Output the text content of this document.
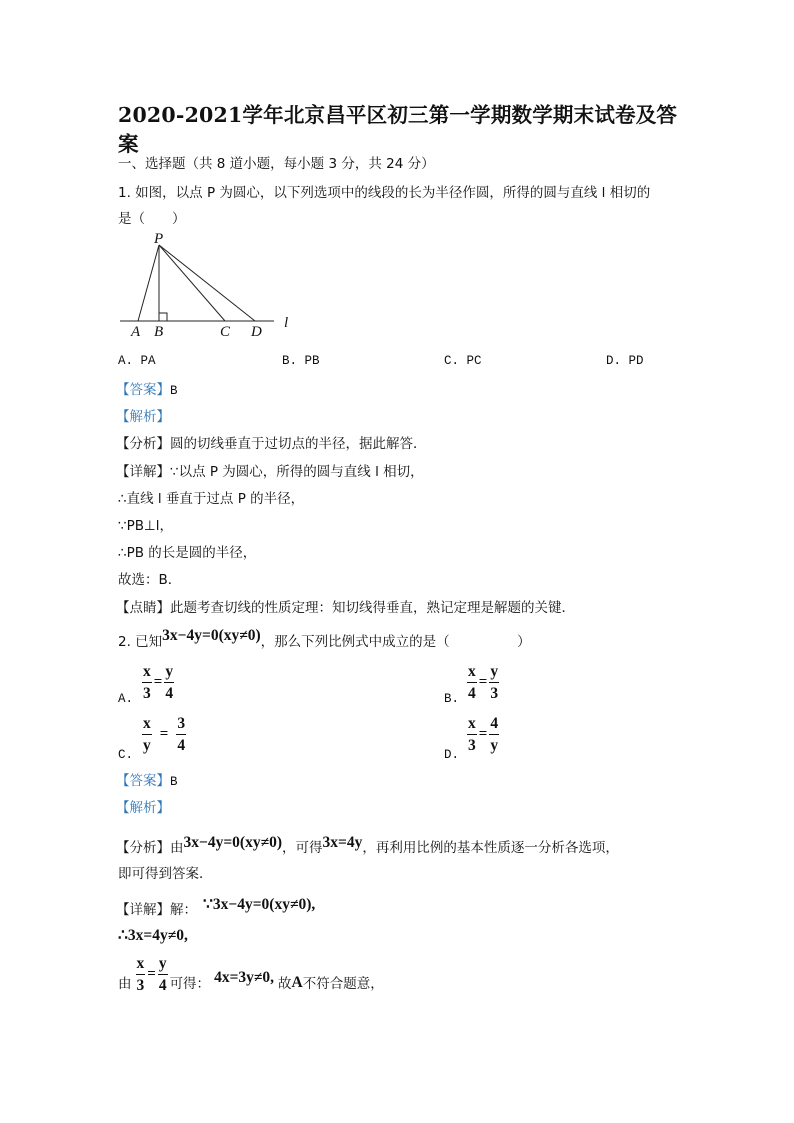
2020-2021学年北京昌平区初三第一学期数学期末试卷及答
案
一、选择题（共 8 道小题，每小题 3 分，共 24 分）
1. 如图，以点 P 为圆心，以下列选项中的线段的长为半径作圆，所得的圆与直线 l 相切的
是（　　）
P
A B	C D
l
A. PA	B. PB	C. PC	D. PD
【答案】B
【解析】
【分析】圆的切线垂直于过切点的半径，据此解答．
【详解】∵以点 P 为圆心，所得的圆与直线 l 相切，
∴直线 l 垂直于过点 P 的半径，
∵PB⊥l，
∴PB 的长是圆的半径，
故选：B．
【点睛】此题考查切线的性质定理：知切线得垂直，熟记定理是解题的关键．
2. 已知3x−4y=0(xy≠0)，那么下列比例式中成立的是（　　　　　）
A. $\frac{x}{3} = \frac{y}{4}$	B. $\frac{x}{4} = \frac{y}{3}$
C.
$\frac{x}{y} = \frac{3}{4}$
D.
$\frac{x}{3} = \frac{4}{y}$
【答案】B
【解析】
【分析】由3x−4y=0(xy≠0)，可得3x=4y，再利用比例的基本性质逐一分析各选项，
即可得到答案．
【详解】解： ∵3x−4y=0(xy≠0),
∴3x=4y≠0,
由 $\frac{x}{3} = \frac{y}{4}$ 可得： 4x=3y≠0, 故 A 不符合题意，
